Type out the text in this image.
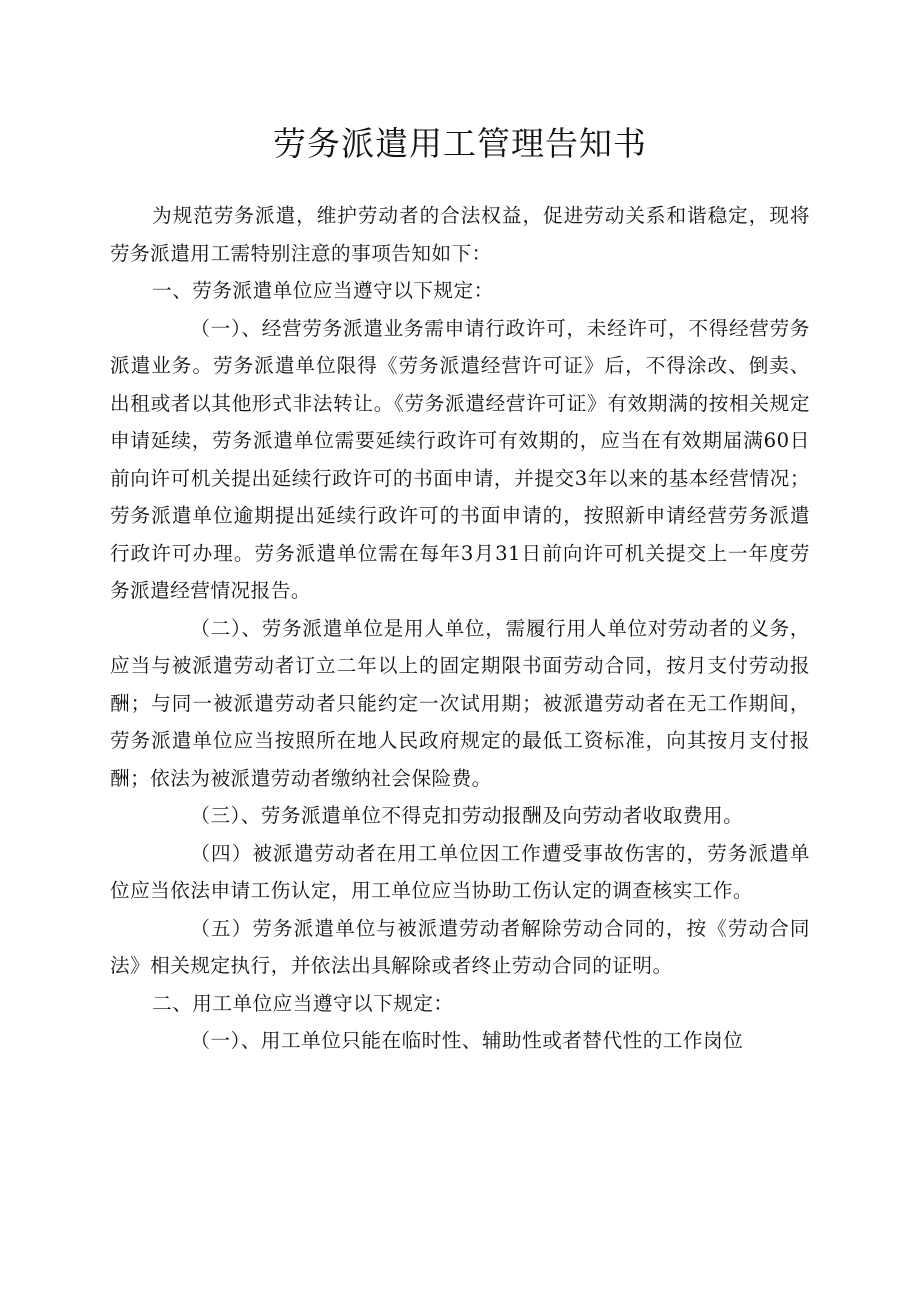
劳务派遣用工管理告知书

为规范劳务派遣，维护劳动者的合法权益，促进劳动关系和谐稳定，现将劳务派遣用工需特别注意的事项告知如下：

一、劳务派遣单位应当遵守以下规定：

（一）、经营劳务派遣业务需申请行政许可，未经许可，不得经营劳务派遣业务。劳务派遣单位限得《劳务派遣经营许可证》后，不得涂改、倒卖、出租或者以其他形式非法转让。《劳务派遣经营许可证》有效期满的按相关规定申请延续，劳务派遣单位需要延续行政许可有效期的，应当在有效期届满60日前向许可机关提出延续行政许可的书面申请，并提交3年以来的基本经营情况；劳务派遣单位逾期提出延续行政许可的书面申请的，按照新申请经营劳务派遣行政许可办理。劳务派遣单位需在每年3月31日前向许可机关提交上一年度劳务派遣经营情况报告。

（二）、劳务派遣单位是用人单位，需履行用人单位对劳动者的义务，应当与被派遣劳动者订立二年以上的固定期限书面劳动合同，按月支付劳动报酬；与同一被派遣劳动者只能约定一次试用期；被派遣劳动者在无工作期间，劳务派遣单位应当按照所在地人民政府规定的最低工资标准，向其按月支付报酬；依法为被派遣劳动者缴纳社会保险费。

（三）、劳务派遣单位不得克扣劳动报酬及向劳动者收取费用。

（四）被派遣劳动者在用工单位因工作遭受事故伤害的，劳务派遣单位应当依法申请工伤认定，用工单位应当协助工伤认定的调查核实工作。

（五）劳务派遣单位与被派遣劳动者解除劳动合同的，按《劳动合同法》相关规定执行，并依法出具解除或者终止劳动合同的证明。

二、用工单位应当遵守以下规定：

（一）、用工单位只能在临时性、辅助性或者替代性的工作岗位
